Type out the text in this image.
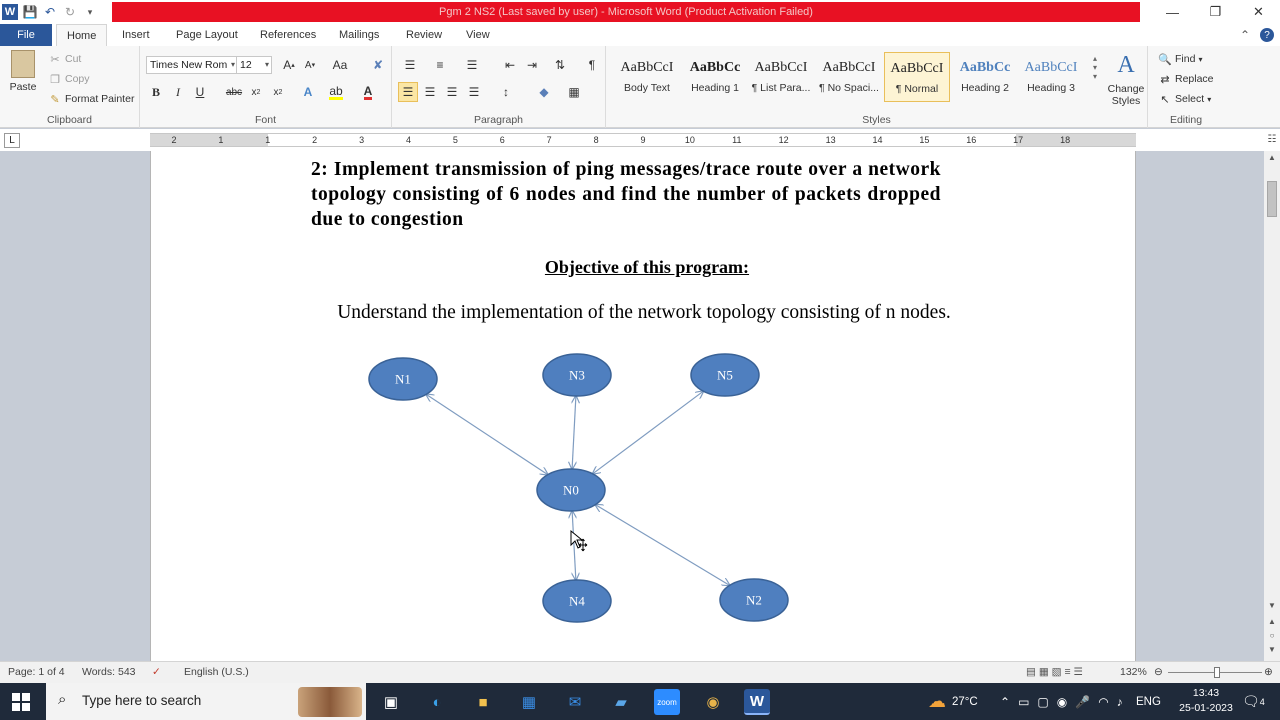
W 💾 ↶ ↻	▾	Pgm 2 NS2 (Last saved by user) - Microsoft Word (Product Activation Failed)	—	❐	✕
File	Home	Insert	Page Layout	References	Mailings	Review	View	⌃	?
Paste
✂ Cut
❐ Copy
✎ Format Painter
Clipboard
Times New Rom ▾ 12 ▾	A ▴	A ▾ Aa	✘
B	I	U	abc x 2	x 2	A	ab A
Font
☰	≡	☰	⇤ ⇥	⇅	¶
☰ ☰ ☰ ☰	↕	◆	▦
Paragraph
AaBbCcI
Body Text
AaBbCc
Heading 1
AaBbCcI
¶ List Para...
AaBbCcI
¶ No Spaci...
AaBbCcI
¶ Normal
AaBbCc
Heading 2
AaBbCcI
Heading 3
▴
▾
▾ A
Change Styles
Styles
🔍 Find ▾
⇄ Replace
↖ Select ▾
Editing
L	2	1	1	2	3	4	5	6	7	8	9	10	11	12	13	14	15	16	17	18	☷
2: Implement transmission of ping messages/trace route over a network topology consisting of 6 nodes and find the number of packets dropped due to congestion
Objective of this program:
Understand the implementation of the network topology consisting of n nodes.
N1	N3	N5
N0
N4	N2
▲
▼
▲
○
▼
Page: 1 of 4 Words: 543 ✓ English (U.S.)	▤ ▦ ▧ ≡ ☰	132% ⊖	⊕
⌕ Type here to search	▣	◐	■	▦	✉	▰	zoom	◉	W	☁ 27°C ⌃ ▭ ▢ ◉ 🎤 ◠ ♪ ENG
13:43
25-01-2023 🗨 4
